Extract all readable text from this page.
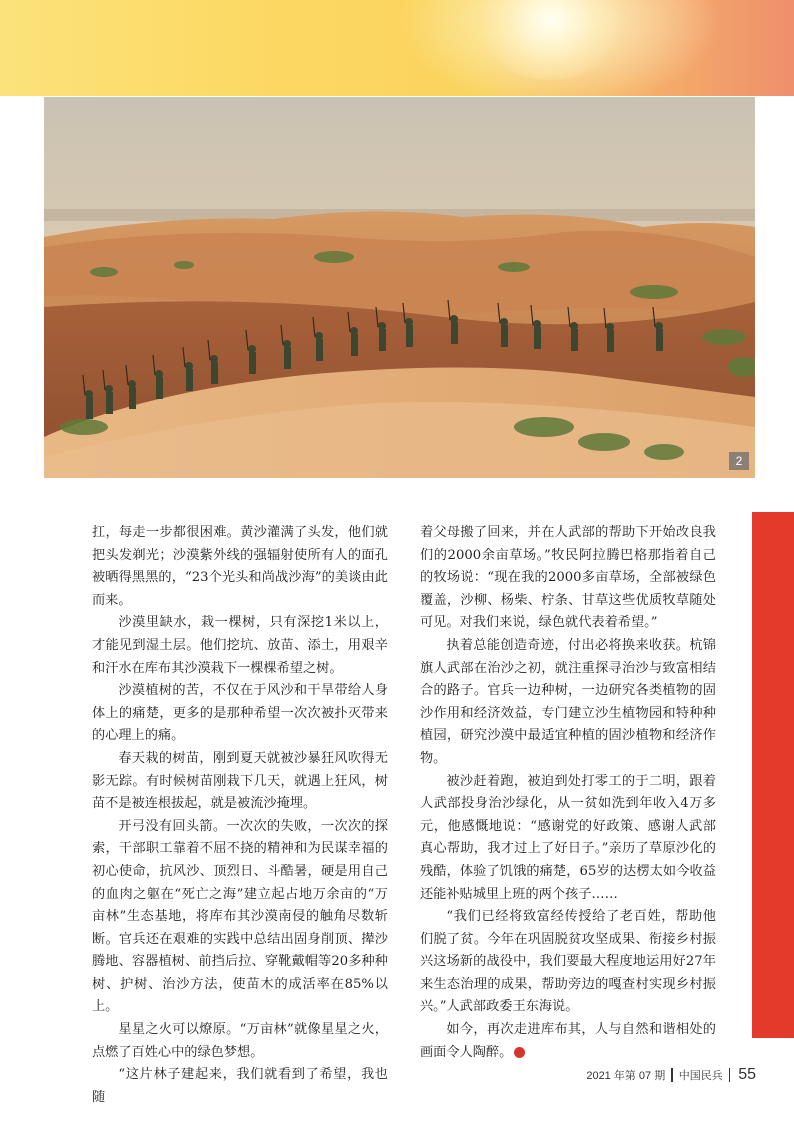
2

扛，每走一步都很困难。黄沙灌满了头发，他们就把头发剃光；沙漠紫外线的强辐射使所有人的面孔被晒得黑黑的，“23个光头和尚战沙海”的美谈由此而来。

沙漠里缺水，栽一棵树，只有深挖1米以上，才能见到湿土层。他们挖坑、放苗、添土，用艰辛和汗水在库布其沙漠栽下一棵棵希望之树。

沙漠植树的苦，不仅在于风沙和干旱带给人身体上的痛楚，更多的是那种希望一次次被扑灭带来的心理上的痛。

春天栽的树苗，刚到夏天就被沙暴狂风吹得无影无踪。有时候树苗刚栽下几天，就遇上狂风，树苗不是被连根拔起，就是被流沙掩埋。

开弓没有回头箭。一次次的失败，一次次的探索，干部职工靠着不屈不挠的精神和为民谋幸福的初心使命，抗风沙、顶烈日、斗酷暑，硬是用自己的血肉之躯在“死亡之海”建立起占地万余亩的“万亩林”生态基地，将库布其沙漠南侵的触角尽数斩断。官兵还在艰难的实践中总结出固身削顶、撵沙腾地、容器植树、前挡后拉、穿靴戴帽等20多种种树、护树、治沙方法，使苗木的成活率在85%以上。

星星之火可以燎原。“万亩林”就像星星之火，点燃了百姓心中的绿色梦想。

“这片林子建起来，我们就看到了希望，我也随

着父母搬了回来，并在人武部的帮助下开始改良我们的2000余亩草场。”牧民阿拉腾巴格那指着自己的牧场说：“现在我的2000多亩草场，全部被绿色覆盖，沙柳、杨柴、柠条、甘草这些优质牧草随处可见。对我们来说，绿色就代表着希望。”

执着总能创造奇迹，付出必将换来收获。杭锦旗人武部在治沙之初，就注重探寻治沙与致富相结合的路子。官兵一边种树，一边研究各类植物的固沙作用和经济效益，专门建立沙生植物园和特种种植园，研究沙漠中最适宜种植的固沙植物和经济作物。

被沙赶着跑，被迫到处打零工的于二明，跟着人武部投身治沙绿化，从一贫如洗到年收入4万多元，他感慨地说：“感谢党的好政策、感谢人武部真心帮助，我才过上了好日子。”亲历了草原沙化的残酷，体验了饥饿的痛楚，65岁的达楞太如今收益还能补贴城里上班的两个孩子……

“我们已经将致富经传授给了老百姓，帮助他们脱了贫。今年在巩固脱贫攻坚成果、衔接乡村振兴这场新的战役中，我们要最大程度地运用好27年来生态治理的成果，帮助旁边的嘎查村实现乡村振兴。”人武部政委王东海说。

如今，再次走进库布其，人与自然和谐相处的画面令人陶醉。	●

2021 年第 07 期 中国民兵 55
